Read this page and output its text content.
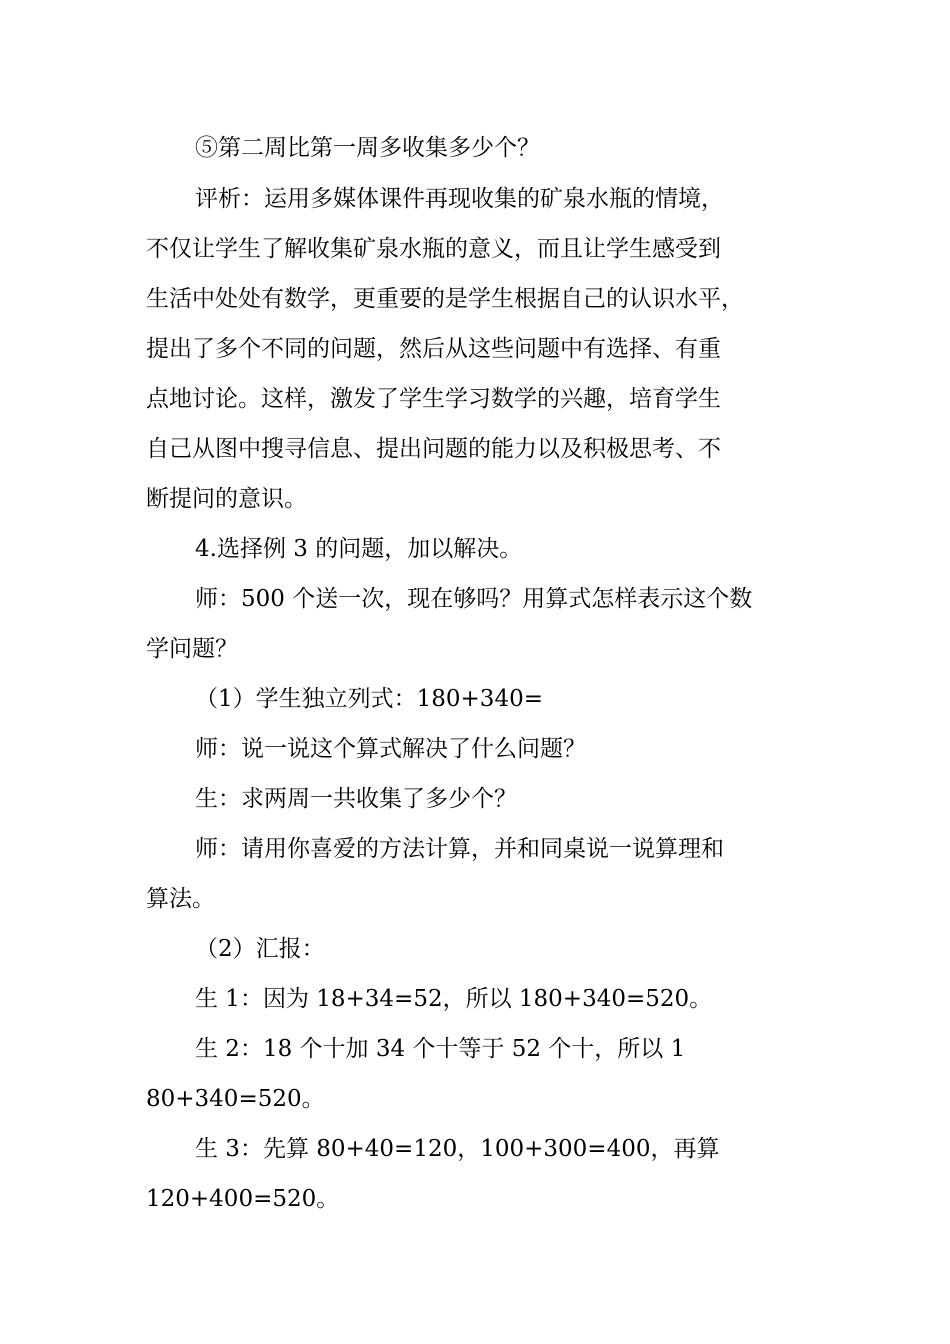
⑤第二周比第一周多收集多少个？
评析：运用多媒体课件再现收集的矿泉水瓶的情境，
不仅让学生了解收集矿泉水瓶的意义，而且让学生感受到
生活中处处有数学，更重要的是学生根据自己的认识水平，
提出了多个不同的问题，然后从这些问题中有选择、有重
点地讨论。这样，激发了学生学习数学的兴趣，培育学生
自己从图中搜寻信息、提出问题的能力以及积极思考、不
断提问的意识。
4.选择例 3 的问题，加以解决。
师：500 个送一次，现在够吗？用算式怎样表示这个数
学问题？
（1）学生独立列式：180+340=
师：说一说这个算式解决了什么问题？
生：求两周一共收集了多少个？
师：请用你喜爱的方法计算，并和同桌说一说算理和
算法。
（2）汇报：
生 1：因为 18+34=52，所以 180+340=520。
生 2：18 个十加 34 个十等于 52 个十，所以 1
80+340=520。
生 3：先算 80+40=120，100+300=400，再算
120+400=520。
